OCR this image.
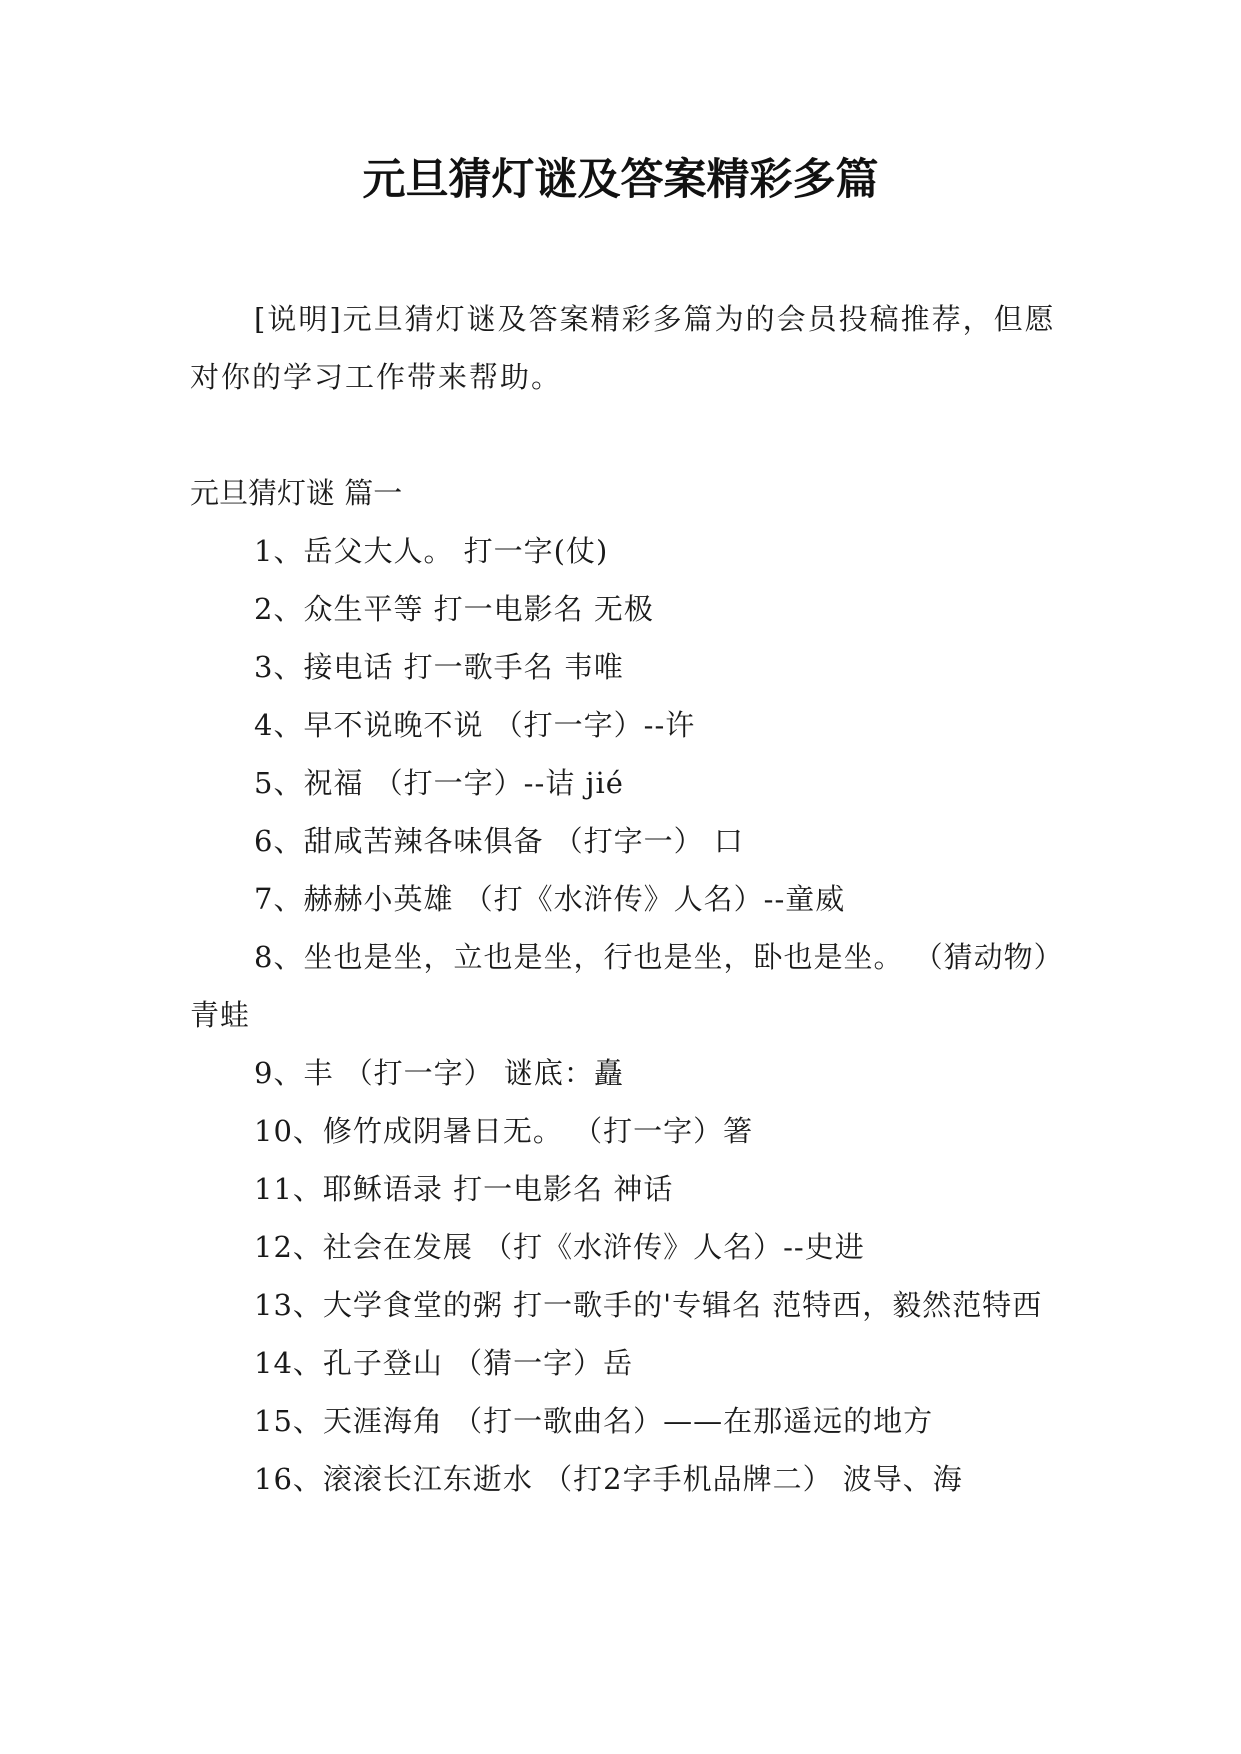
元旦猜灯谜及答案精彩多篇

[说明]元旦猜灯谜及答案精彩多篇为的会员投稿推荐，但愿对你的学习工作带来帮助。

元旦猜灯谜 篇一

1、岳父大人。 打一字(仗)

2、众生平等 打一电影名 无极

3、接电话 打一歌手名 韦唯

4、早不说晚不说 （打一字）--许

5、祝福 （打一字）--诘 jié

6、甜咸苦辣各味俱备 （打字一） 口

7、赫赫小英雄 （打《水浒传》人名）--童威

8、坐也是坐，立也是坐，行也是坐，卧也是坐。 （猜动物）青蛙

9、丰 （打一字） 谜底：矗

10、修竹成阴暑日无。 （打一字）箸

11、耶稣语录 打一电影名 神话

12、社会在发展 （打《水浒传》人名）--史进

13、大学食堂的粥 打一歌手的'专辑名 范特西，毅然范特西

14、孔子登山 （猜一字）岳

15、天涯海角 （打一歌曲名）——在那遥远的地方

16、滚滚长江东逝水 （打2字手机品牌二） 波导、海
